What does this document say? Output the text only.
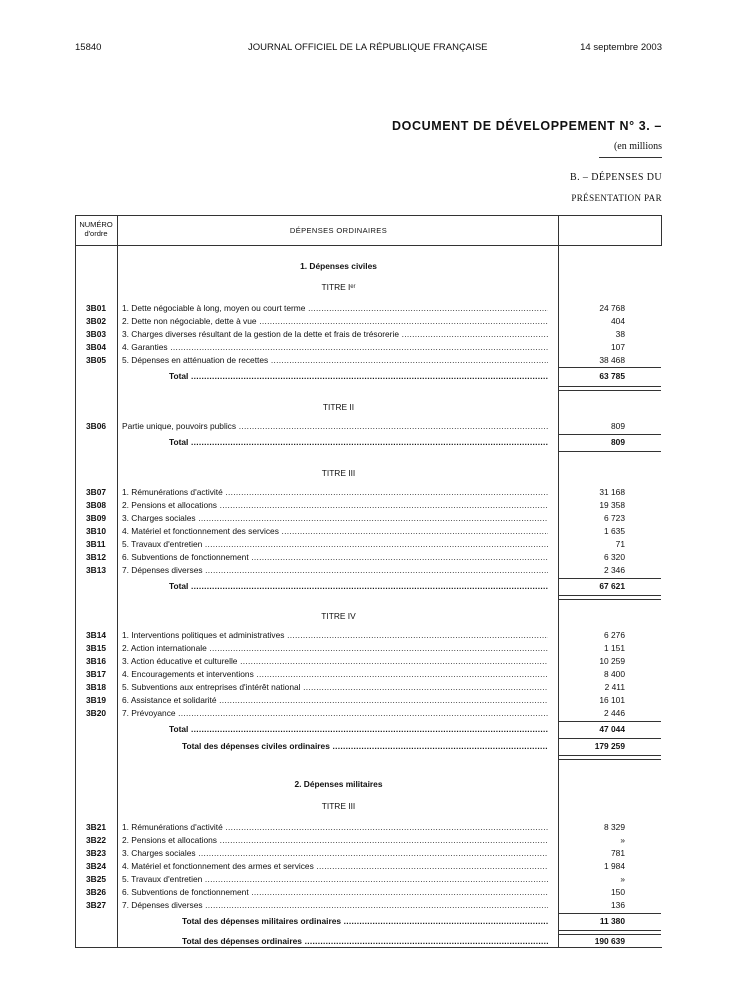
15840	JOURNAL OFFICIEL DE LA RÉPUBLIQUE FRANÇAISE	14 septembre 2003
DOCUMENT DE DÉVELOPPEMENT N° 3. –
(en millions
B. – DÉPENSES DU
PRÉSENTATION PAR
NUMÉRO
d'ordre	DÉPENSES ORDINAIRES
1. Dépenses civiles
TITRE Iᵉʳ
3B01 1. Dette négociable à long, moyen ou court terme .....	24 768
3B02 2. Dette non négociable, dette à vue .....	404
3B03 3. Charges diverses résultant de la gestion de la dette et frais de trésorerie .....	38
3B04 4. Garanties .....	107
3B05 5. Dépenses en atténuation de recettes .....	38 468
Total .....	63 785
TITRE II
3B06 Partie unique, pouvoirs publics .....	809
Total .....	809
TITRE III
3B07 1. Rémunérations d'activité .....	31 168
3B08 2. Pensions et allocations .....	19 358
3B09 3. Charges sociales .....	6 723
3B10 4. Matériel et fonctionnement des services .....	1 635
3B11 5. Travaux d'entretien .....	71
3B12 6. Subventions de fonctionnement .....	6 320
3B13 7. Dépenses diverses .....	2 346
Total .....	67 621
TITRE IV
3B14 1. Interventions politiques et administratives .....	6 276
3B15 2. Action internationale .....	1 151
3B16 3. Action éducative et culturelle .....	10 259
3B17 4. Encouragements et interventions .....	8 400
3B18 5. Subventions aux entreprises d'intérêt national .....	2 411
3B19 6. Assistance et solidarité .....	16 101
3B20 7. Prévoyance .....	2 446
Total .....	47 044
Total des dépenses civiles ordinaires .....	179 259
2. Dépenses militaires
TITRE III
3B21 1. Rémunérations d'activité .....	8 329
3B22 2. Pensions et allocations .....	»
3B23 3. Charges sociales .....	781
3B24 4. Matériel et fonctionnement des armes et services .....	1 984
3B25 5. Travaux d'entretien .....	»
3B26 6. Subventions de fonctionnement .....	150
3B27 7. Dépenses diverses .....	136
Total des dépenses militaires ordinaires .....	11 380
Total des dépenses ordinaires .....	190 639
